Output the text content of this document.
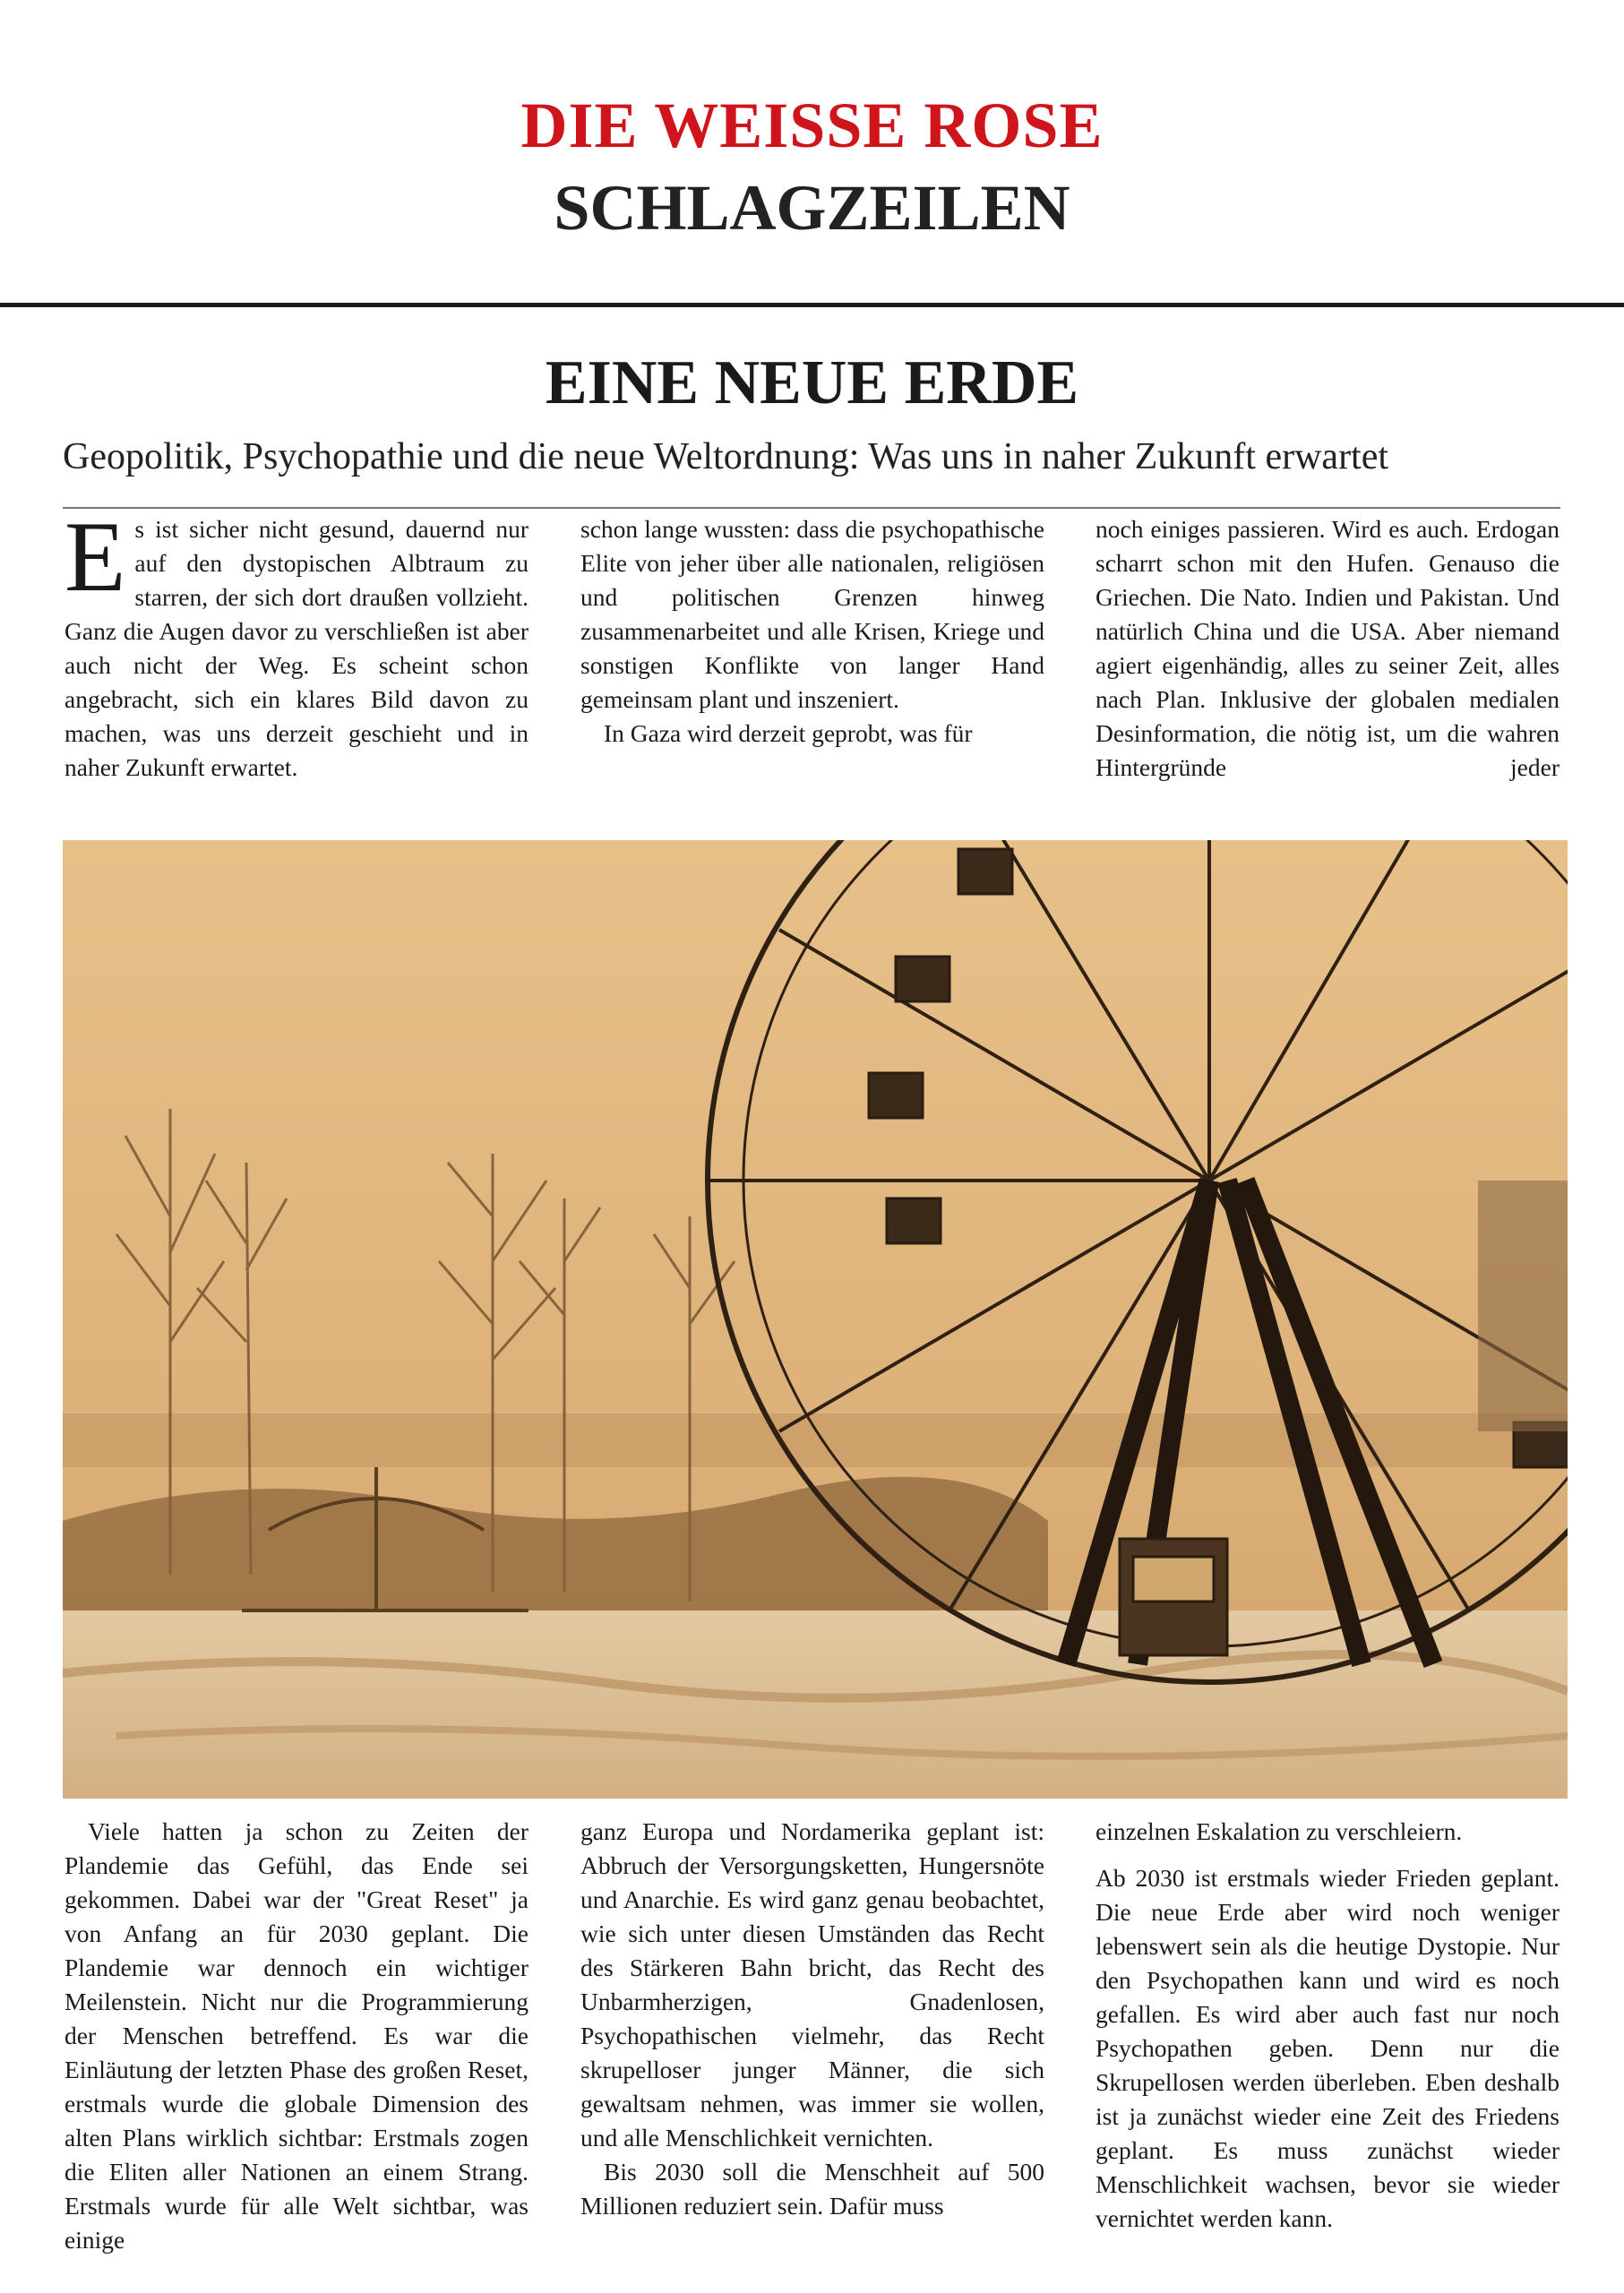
DIE WEISSE ROSE
SCHLAGZEILEN
EINE NEUE ERDE
Geopolitik, Psychopathie und die neue Weltordnung: Was uns in naher Zukunft erwartet

Es ist sicher nicht gesund, dauernd nur auf den dystopischen Albtraum zu starren, der sich dort draußen vollzieht. Ganz die Augen davor zu verschließen ist aber auch nicht der Weg. Es scheint schon angebracht, sich ein klares Bild davon zu machen, was uns derzeit geschieht und in naher Zukunft erwartet.

schon lange wussten: dass die psychopathische Elite von jeher über alle nationalen, religiösen und politischen Grenzen hinweg zusammenarbeitet und alle Krisen, Kriege und sonstigen Konflikte von langer Hand gemeinsam plant und inszeniert.

In Gaza wird derzeit geprobt, was für

noch einiges passieren. Wird es auch. Erdogan scharrt schon mit den Hufen. Genauso die Griechen. Die Nato. Indien und Pakistan. Und natürlich China und die USA. Aber niemand agiert eigenhändig, alles zu seiner Zeit, alles nach Plan. Inklusive der globalen medialen Desinformation, die nötig ist, um die wahren Hintergründe jeder

Viele hatten ja schon zu Zeiten der Plandemie das Gefühl, das Ende sei gekommen. Dabei war der "Great Reset" ja von Anfang an für 2030 geplant. Die Plandemie war dennoch ein wichtiger Meilenstein. Nicht nur die Programmierung der Menschen betreffend. Es war die Einläutung der letzten Phase des großen Reset, erstmals wurde die globale Dimension des alten Plans wirklich sichtbar: Erstmals zogen die Eliten aller Nationen an einem Strang. Erstmals wurde für alle Welt sichtbar, was einige

ganz Europa und Nordamerika geplant ist: Abbruch der Versorgungsketten, Hungersnöte und Anarchie. Es wird ganz genau beobachtet, wie sich unter diesen Umständen das Recht des Stärkeren Bahn bricht, das Recht des Unbarmherzigen, Gnadenlosen, Psychopathischen vielmehr, das Recht skrupelloser junger Männer, die sich gewaltsam nehmen, was immer sie wollen, und alle Menschlichkeit vernichten.

Bis 2030 soll die Menschheit auf 500 Millionen reduziert sein. Dafür muss

einzelnen Eskalation zu verschleiern.

Ab 2030 ist erstmals wieder Frieden geplant. Die neue Erde aber wird noch weniger lebenswert sein als die heutige Dystopie. Nur den Psychopathen kann und wird es noch gefallen. Es wird aber auch fast nur noch Psychopathen geben. Denn nur die Skrupellosen werden überleben. Eben deshalb ist ja zunächst wieder eine Zeit des Friedens geplant. Es muss zunächst wieder Menschlichkeit wachsen, bevor sie wieder vernichtet werden kann.
